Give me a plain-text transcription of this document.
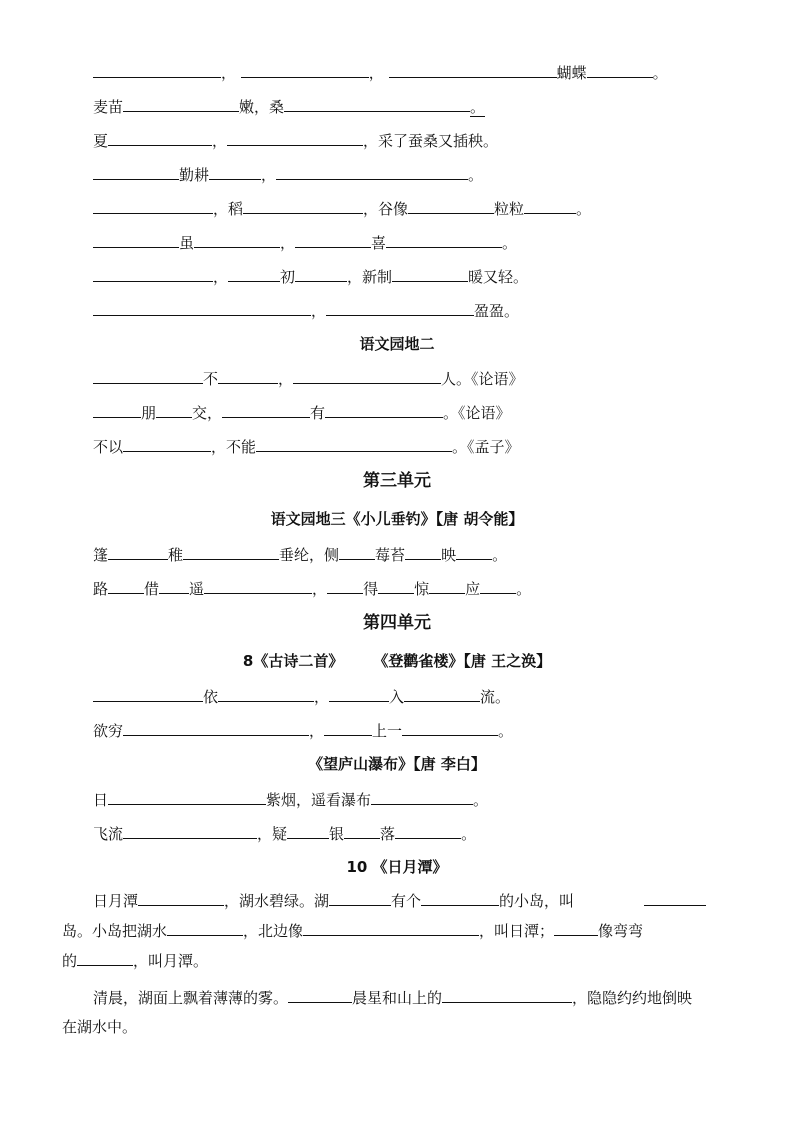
，	，	蝴蝶	。
麦苗	嫩，桑	。
夏	，	，采了蚕桑又插秧。
勤耕	，	。
，稻	，谷像	粒粒	。
虽	，	喜	。
，	初	，新制	暖又轻。
，	盈盈。
语文园地二
不	，	人。《论语》
朋 交，	有	。《论语》
不以	，不能	。《孟子》
第三单元
语文园地三《小儿垂钓》【唐 胡令能】
篷	稚	垂纶，侧 莓苔 映 。
路 借 遥	， 得 惊 应 。
第四单元
8《古诗二首》 《登鹳雀楼》【唐 王之涣】
依	，	入	流。
欲穷	，	上一	。
《望庐山瀑布》【唐 李白】
日	紫烟，遥看瀑布	。
飞流	，疑	银 落	。
10 《日月潭》
日月潭	，湖水碧绿。湖	有个	的小岛，叫
岛。小岛把湖水	，北边像	，叫日潭；	像弯弯
的	，叫月潭。
清晨，湖面上飘着薄薄的雾。	晨星和山上的	，隐隐约约地倒映
在湖水中。
